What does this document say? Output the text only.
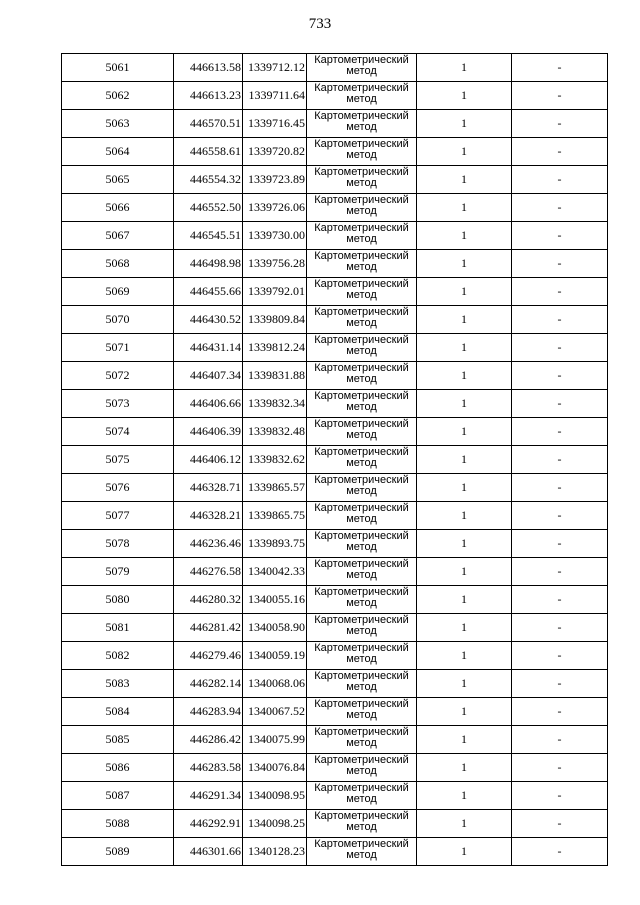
733
5061	446613.58	1339712.12	Картометрический метод	1	-
5062	446613.23	1339711.64	Картометрический метод	1	-
5063	446570.51	1339716.45	Картометрический метод	1	-
5064	446558.61	1339720.82	Картометрический метод	1	-
5065	446554.32	1339723.89	Картометрический метод	1	-
5066	446552.50	1339726.06	Картометрический метод	1	-
5067	446545.51	1339730.00	Картометрический метод	1	-
5068	446498.98	1339756.28	Картометрический метод	1	-
5069	446455.66	1339792.01	Картометрический метод	1	-
5070	446430.52	1339809.84	Картометрический метод	1	-
5071	446431.14	1339812.24	Картометрический метод	1	-
5072	446407.34	1339831.88	Картометрический метод	1	-
5073	446406.66	1339832.34	Картометрический метод	1	-
5074	446406.39	1339832.48	Картометрический метод	1	-
5075	446406.12	1339832.62	Картометрический метод	1	-
5076	446328.71	1339865.57	Картометрический метод	1	-
5077	446328.21	1339865.75	Картометрический метод	1	-
5078	446236.46	1339893.75	Картометрический метод	1	-
5079	446276.58	1340042.33	Картометрический метод	1	-
5080	446280.32	1340055.16	Картометрический метод	1	-
5081	446281.42	1340058.90	Картометрический метод	1	-
5082	446279.46	1340059.19	Картометрический метод	1	-
5083	446282.14	1340068.06	Картометрический метод	1	-
5084	446283.94	1340067.52	Картометрический метод	1	-
5085	446286.42	1340075.99	Картометрический метод	1	-
5086	446283.58	1340076.84	Картометрический метод	1	-
5087	446291.34	1340098.95	Картометрический метод	1	-
5088	446292.91	1340098.25	Картометрический метод	1	-
5089	446301.66	1340128.23	Картометрический метод	1	-
